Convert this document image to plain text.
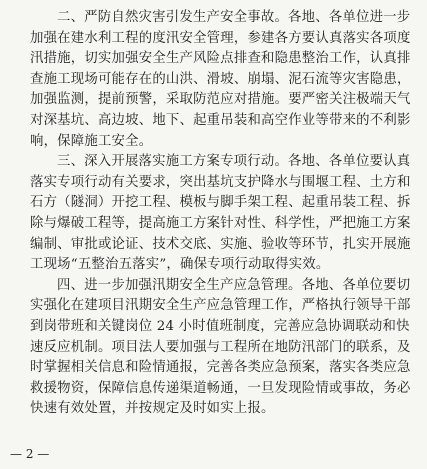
二、严防自然灾害引发生产安全事故。各地、各单位进一步
加强在建水利工程的度汛安全管理，参建各方要认真落实各项度
汛措施，切实加强安全生产风险点排查和隐患整治工作，认真排
查施工现场可能存在的山洪、滑坡、崩塌、泥石流等灾害隐患，
加强监测，提前预警，采取防范应对措施。要严密关注极端天气
对深基坑、高边坡、地下、起重吊装和高空作业等带来的不利影
响，保障施工安全。
三、深入开展落实施工方案专项行动。各地、各单位要认真
落实专项行动有关要求，突出基坑支护降水与围堰工程、土方和
石方（隧洞）开挖工程、模板与脚手架工程、起重吊装工程、拆
除与爆破工程等，提高施工方案针对性、科学性，严把施工方案
编制、审批或论证、技术交底、实施、验收等环节，扎实开展施
工现场“五整治五落实”，确保专项行动取得实效。
四、进一步加强汛期安全生产应急管理。各地、各单位要切
实强化在建项目汛期安全生产应急管理工作，严格执行领导干部
到岗带班和关键岗位 24 小时值班制度，完善应急协调联动和快
速反应机制。项目法人要加强与工程所在地防汛部门的联系，及
时掌握相关信息和险情通报，完善各类应急预案，落实各类应急
救援物资，保障信息传递渠道畅通，一旦发现险情或事故，务必
快速有效处置，并按规定及时如实上报。
— 2 —
